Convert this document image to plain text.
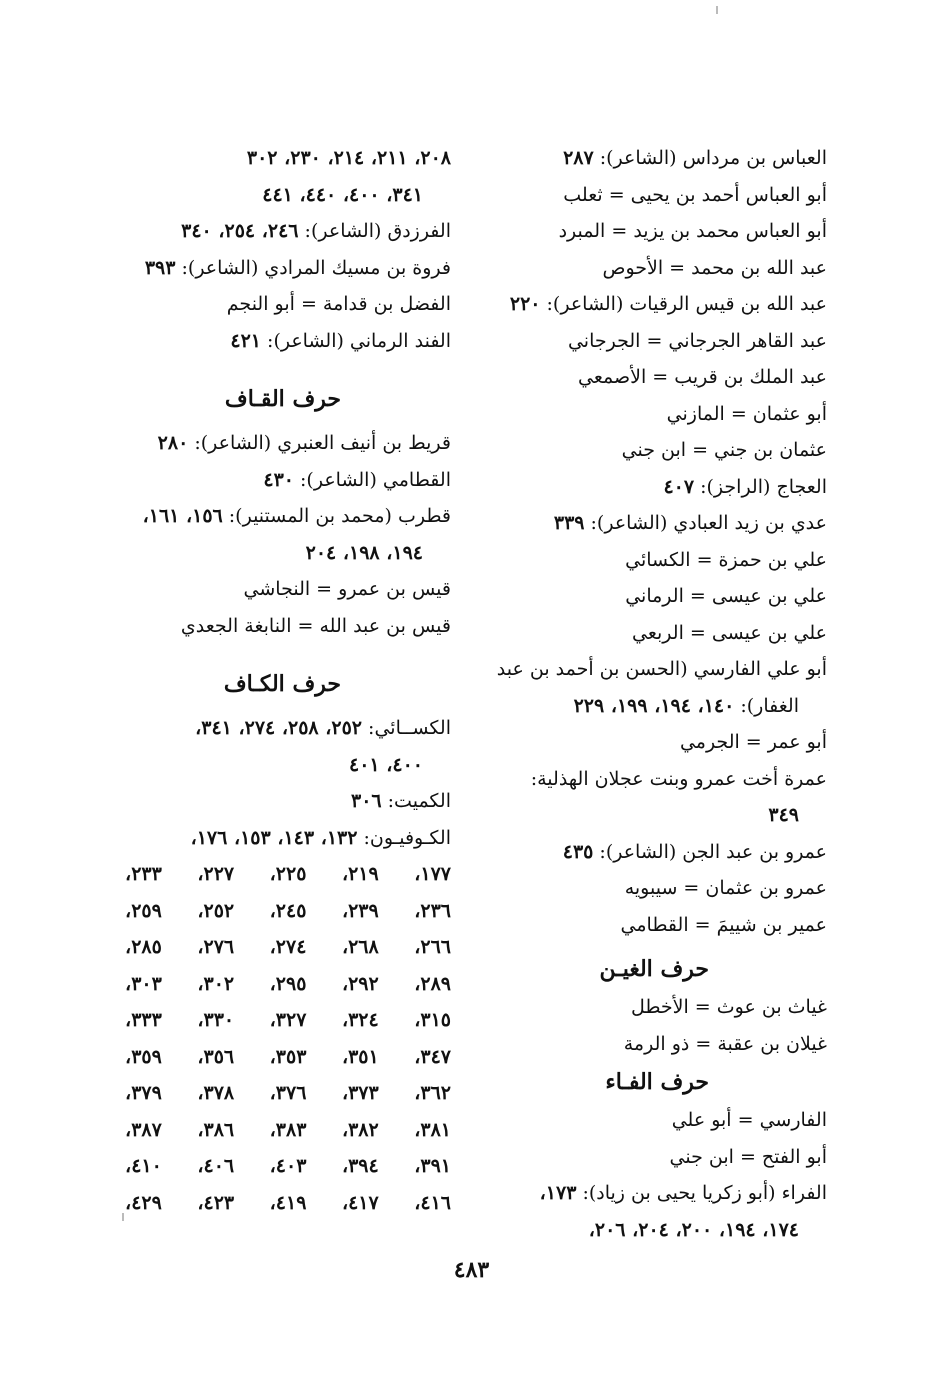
العباس بن مرداس (الشاعر): ٢٨٧
أبو العباس أحمد بن يحيى = ثعلب
أبو العباس محمد بن يزيد = المبرد
عبد الله بن محمد = الأحوص
عبد الله بن قيس الرقيات (الشاعر): ٢٢٠
عبد القاهر الجرجاني = الجرجاني
عبد الملك بن قريب = الأصمعي
أبو عثمان = المازني
عثمان بن جني = ابن جني
العجاج (الراجز): ٤٠٧
عدي بن زيد العبادي (الشاعر): ٣٣٩
علي بن حمزة = الكسائي
علي بن عيسى = الرماني
علي بن عيسى = الربعي
أبو علي الفارسي (الحسن بن أحمد بن عبد
الغفار): ١٤٠، ١٩٤، ١٩٩، ٢٢٩
أبو عمر = الجرمي
عمرة أخت عمرو وبنت عجلان الهذلية:
٣٤٩
عمرو بن عبد الجن (الشاعر): ٤٣٥
عمرو بن عثمان = سيبويه
عمير بن شييمَ = القطامي
حرف الغيـن
غياث بن عوث = الأخطل
غيلان بن عقبة = ذو الرمة
حرف الفـاء
الفارسي = أبو علي
أبو الفتح = ابن جني
الفراء (أبو زكريا يحيى بن زياد): ١٧٣،
١٧٤، ١٩٤، ٢٠٠، ٢٠٤، ٢٠٦،
٢٠٨، ٢١١، ٢١٤، ٢٣٠، ٣٠٢
٣٤١، ٤٠٠، ٤٤٠، ٤٤١
الفرزدق (الشاعر): ٢٤٦، ٢٥٤، ٣٤٠
فروة بن مسيك المرادي (الشاعر): ٣٩٣
الفضل بن قدامة = أبو النجم
الفند الرماني (الشاعر): ٤٢١
حرف القـاف
قريط بن أنيف العنبري (الشاعر): ٢٨٠
القطامي (الشاعر): ٤٣٠
قطرب (محمد بن المستنير): ١٥٦، ١٦١،
١٩٤، ١٩٨، ٢٠٤
قيس بن عمرو = النجاشي
قيس بن عبد الله = النابغة الجعدي
حرف الكـاف
الكســائي: ٢٥٢، ٢٥٨، ٢٧٤، ٣٤١،
٤٠٠، ٤٠١
الكميت: ٣٠٦
الكـوفيـون: ١٣٢، ١٤٣، ١٥٣، ١٧٦،
١٧٧،
٢١٩،
٢٢٥،
٢٢٧،
٢٣٣،
٢٣٦،
٢٣٩،
٢٤٥،
٢٥٢،
٢٥٩،
٢٦٦،
٢٦٨،
٢٧٤،
٢٧٦،
٢٨٥،
٢٨٩،
٢٩٢،
٢٩٥،
٣٠٢،
٣٠٣،
٣١٥،
٣٢٤،
٣٢٧،
٣٣٠،
٣٣٣،
٣٤٧،
٣٥١،
٣٥٣،
٣٥٦،
٣٥٩،
٣٦٢،
٣٧٣،
٣٧٦،
٣٧٨،
٣٧٩،
٣٨١،
٣٨٢،
٣٨٣،
٣٨٦،
٣٨٧،
٣٩١،
٣٩٤،
٤٠٣،
٤٠٦،
٤١٠،
٤١٦،
٤١٧،
٤١٩،
٤٢٣،
٤٢٩،
٤٨٣
